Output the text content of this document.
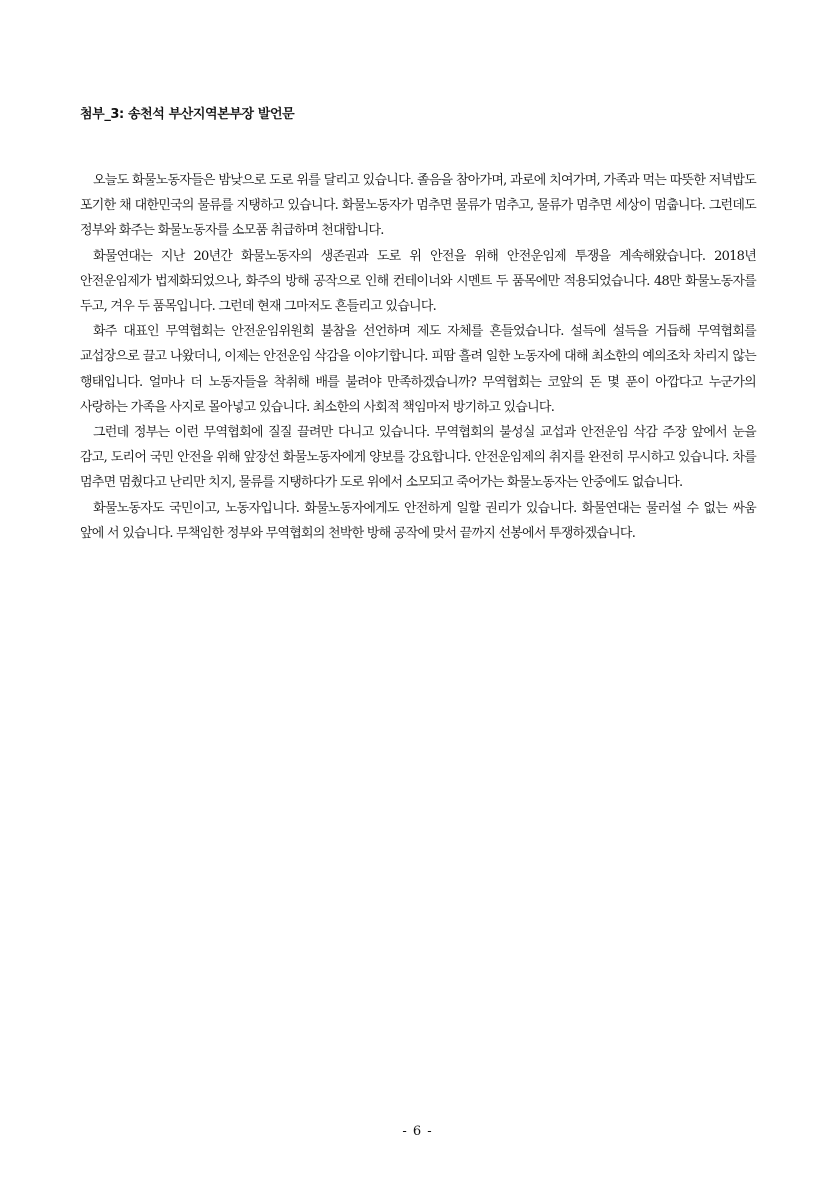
첨부_3: 송천석 부산지역본부장 발언문

오늘도 화물노동자들은 밤낮으로 도로 위를 달리고 있습니다. 졸음을 참아가며, 과로에 치여가며, 가족과 먹는 따뜻한 저녁밥도 포기한 채 대한민국의 물류를 지탱하고 있습니다. 화물노동자가 멈추면 물류가 멈추고, 물류가 멈추면 세상이 멈춥니다. 그런데도 정부와 화주는 화물노동자를 소모품 취급하며 천대합니다.

화물연대는 지난 20년간 화물노동자의 생존권과 도로 위 안전을 위해 안전운임제 투쟁을 계속해왔습니다. 2018년 안전운임제가 법제화되었으나, 화주의 방해 공작으로 인해 컨테이너와 시멘트 두 품목에만 적용되었습니다. 48만 화물노동자를 두고, 겨우 두 품목입니다. 그런데 현재 그마저도 흔들리고 있습니다.

화주 대표인 무역협회는 안전운임위원회 불참을 선언하며 제도 자체를 흔들었습니다. 설득에 설득을 거듭해 무역협회를 교섭장으로 끌고 나왔더니, 이제는 안전운임 삭감을 이야기합니다. 피땀 흘려 일한 노동자에 대해 최소한의 예의조차 차리지 않는 행태입니다. 얼마나 더 노동자들을 착취해 배를 불려야 만족하겠습니까? 무역협회는 코앞의 돈 몇 푼이 아깝다고 누군가의 사랑하는 가족을 사지로 몰아넣고 있습니다. 최소한의 사회적 책임마저 방기하고 있습니다.

그런데 정부는 이런 무역협회에 질질 끌려만 다니고 있습니다. 무역협회의 불성실 교섭과 안전운임 삭감 주장 앞에서 눈을 감고, 도리어 국민 안전을 위해 앞장선 화물노동자에게 양보를 강요합니다. 안전운임제의 취지를 완전히 무시하고 있습니다. 차를 멈추면 멈췄다고 난리만 치지, 물류를 지탱하다가 도로 위에서 소모되고 죽어가는 화물노동자는 안중에도 없습니다.

화물노동자도 국민이고, 노동자입니다. 화물노동자에게도 안전하게 일할 권리가 있습니다. 화물연대는 물러설 수 없는 싸움 앞에 서 있습니다. 무책임한 정부와 무역협회의 천박한 방해 공작에 맞서 끝까지 선봉에서 투쟁하겠습니다.

- 6 -
